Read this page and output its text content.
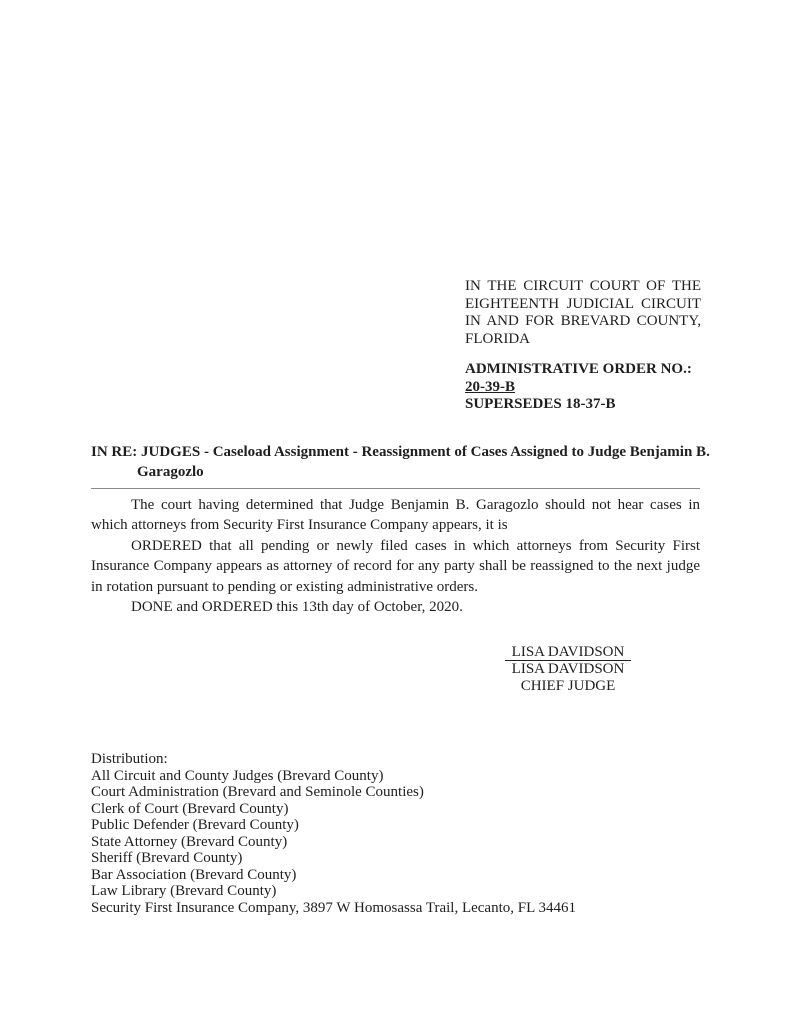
IN THE CIRCUIT COURT OF THE
EIGHTEENTH JUDICIAL CIRCUIT
IN AND FOR BREVARD COUNTY,
FLORIDA
ADMINISTRATIVE ORDER NO.:
20-39-B
SUPERSEDES 18-37-B
IN RE: JUDGES - Caseload Assignment - Reassignment of Cases Assigned to Judge Benjamin B.
Garagozlo

The court having determined that Judge Benjamin B. Garagozlo should not hear cases in which attorneys from Security First Insurance Company appears, it is

ORDERED that all pending or newly filed cases in which attorneys from Security First Insurance Company appears as attorney of record for any party shall be reassigned to the next judge in rotation pursuant to pending or existing administrative orders.

DONE and ORDERED this 13th day of October, 2020.

LISA DAVIDSON
LISA DAVIDSON
CHIEF JUDGE
Distribution:
All Circuit and County Judges (Brevard County)
Court Administration (Brevard and Seminole Counties)
Clerk of Court (Brevard County)
Public Defender (Brevard County)
State Attorney (Brevard County)
Sheriff (Brevard County)
Bar Association (Brevard County)
Law Library (Brevard County)
Security First Insurance Company, 3897 W Homosassa Trail, Lecanto, FL 34461
